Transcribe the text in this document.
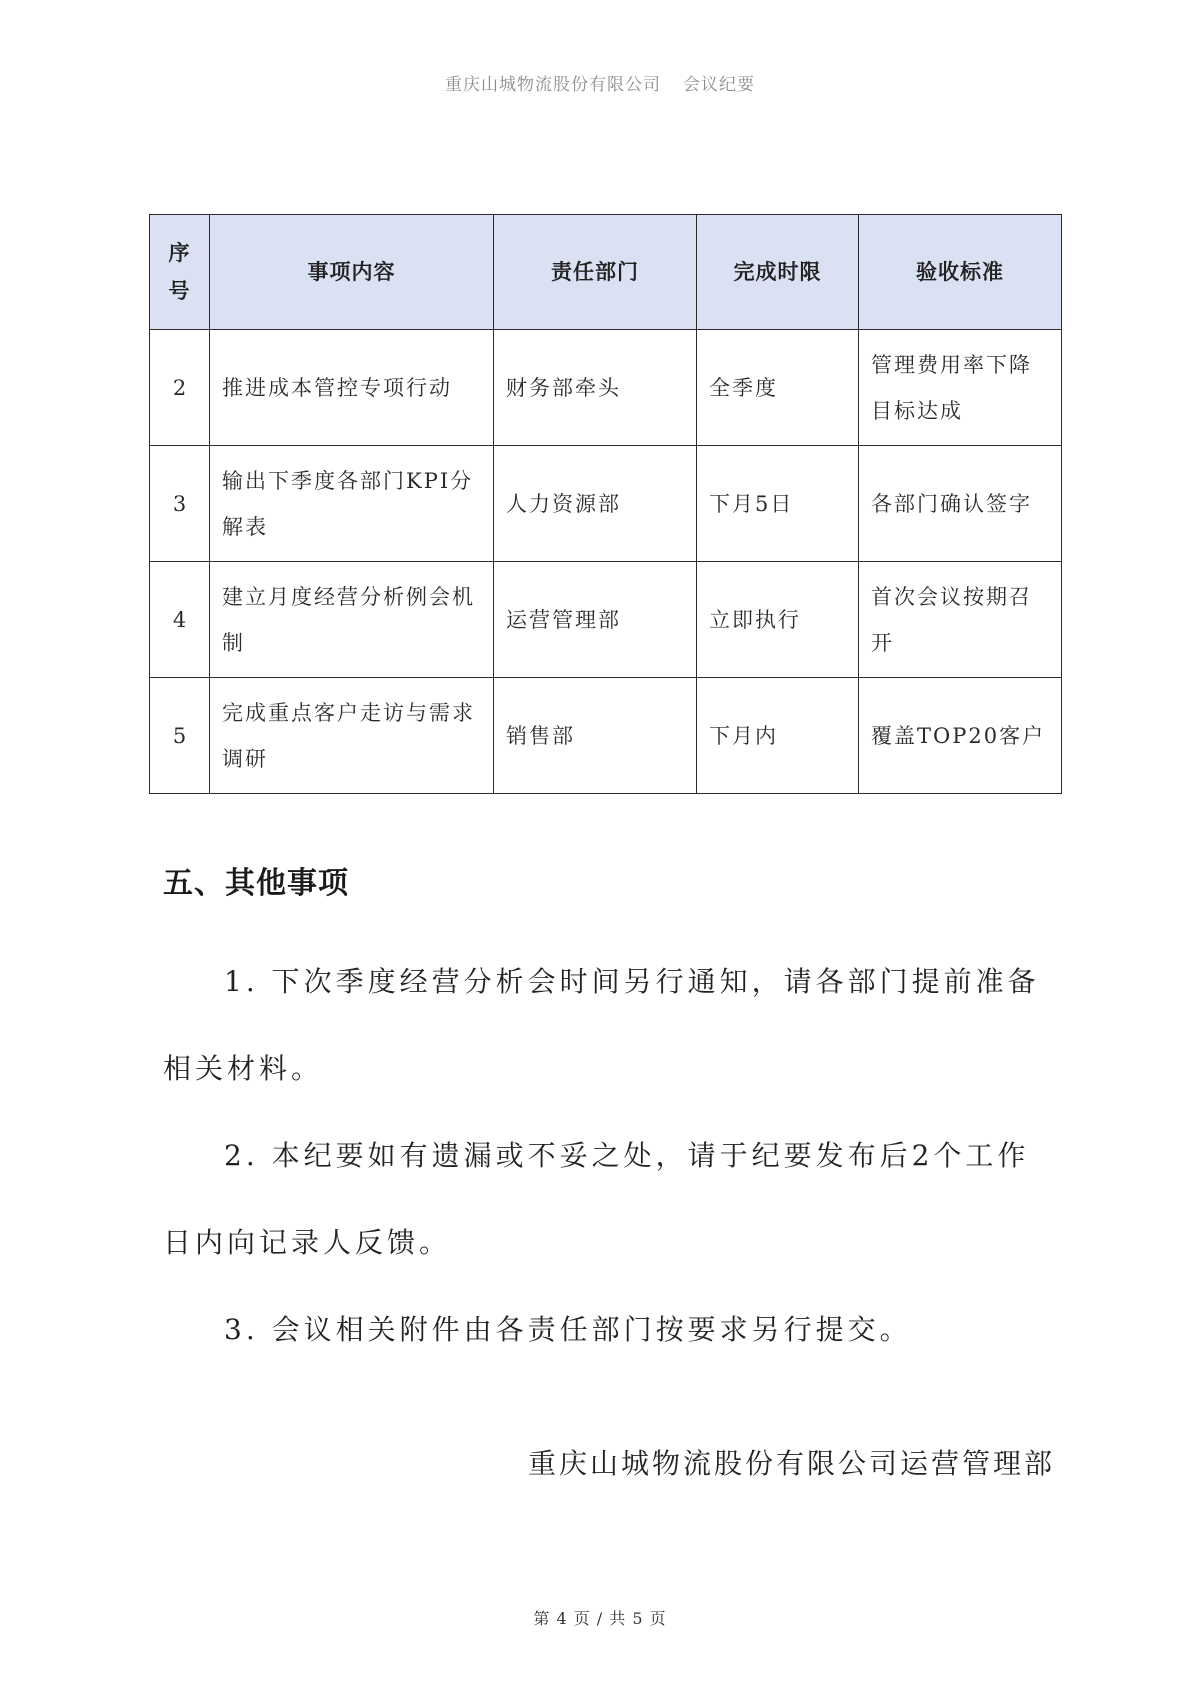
重庆山城物流股份有限公司 会议纪要
序号	事项内容	责任部门	完成时限	验收标准
2	推进成本管控专项行动	财务部牵头	全季度	管理费用率下降目标达成
3	输出下季度各部门KPI分解表	人力资源部	下月5日	各部门确认签字
4	建立月度经营分析例会机制	运营管理部	立即执行	首次会议按期召开
5	完成重点客户走访与需求调研	销售部	下月内	覆盖TOP20客户
五、其他事项

1. 下次季度经营分析会时间另行通知，请各部门提前准备相关材料。

2. 本纪要如有遗漏或不妥之处，请于纪要发布后2个工作日内向记录人反馈。

3. 会议相关附件由各责任部门按要求另行提交。

重庆山城物流股份有限公司运营管理部
第 4 页 / 共 5 页
